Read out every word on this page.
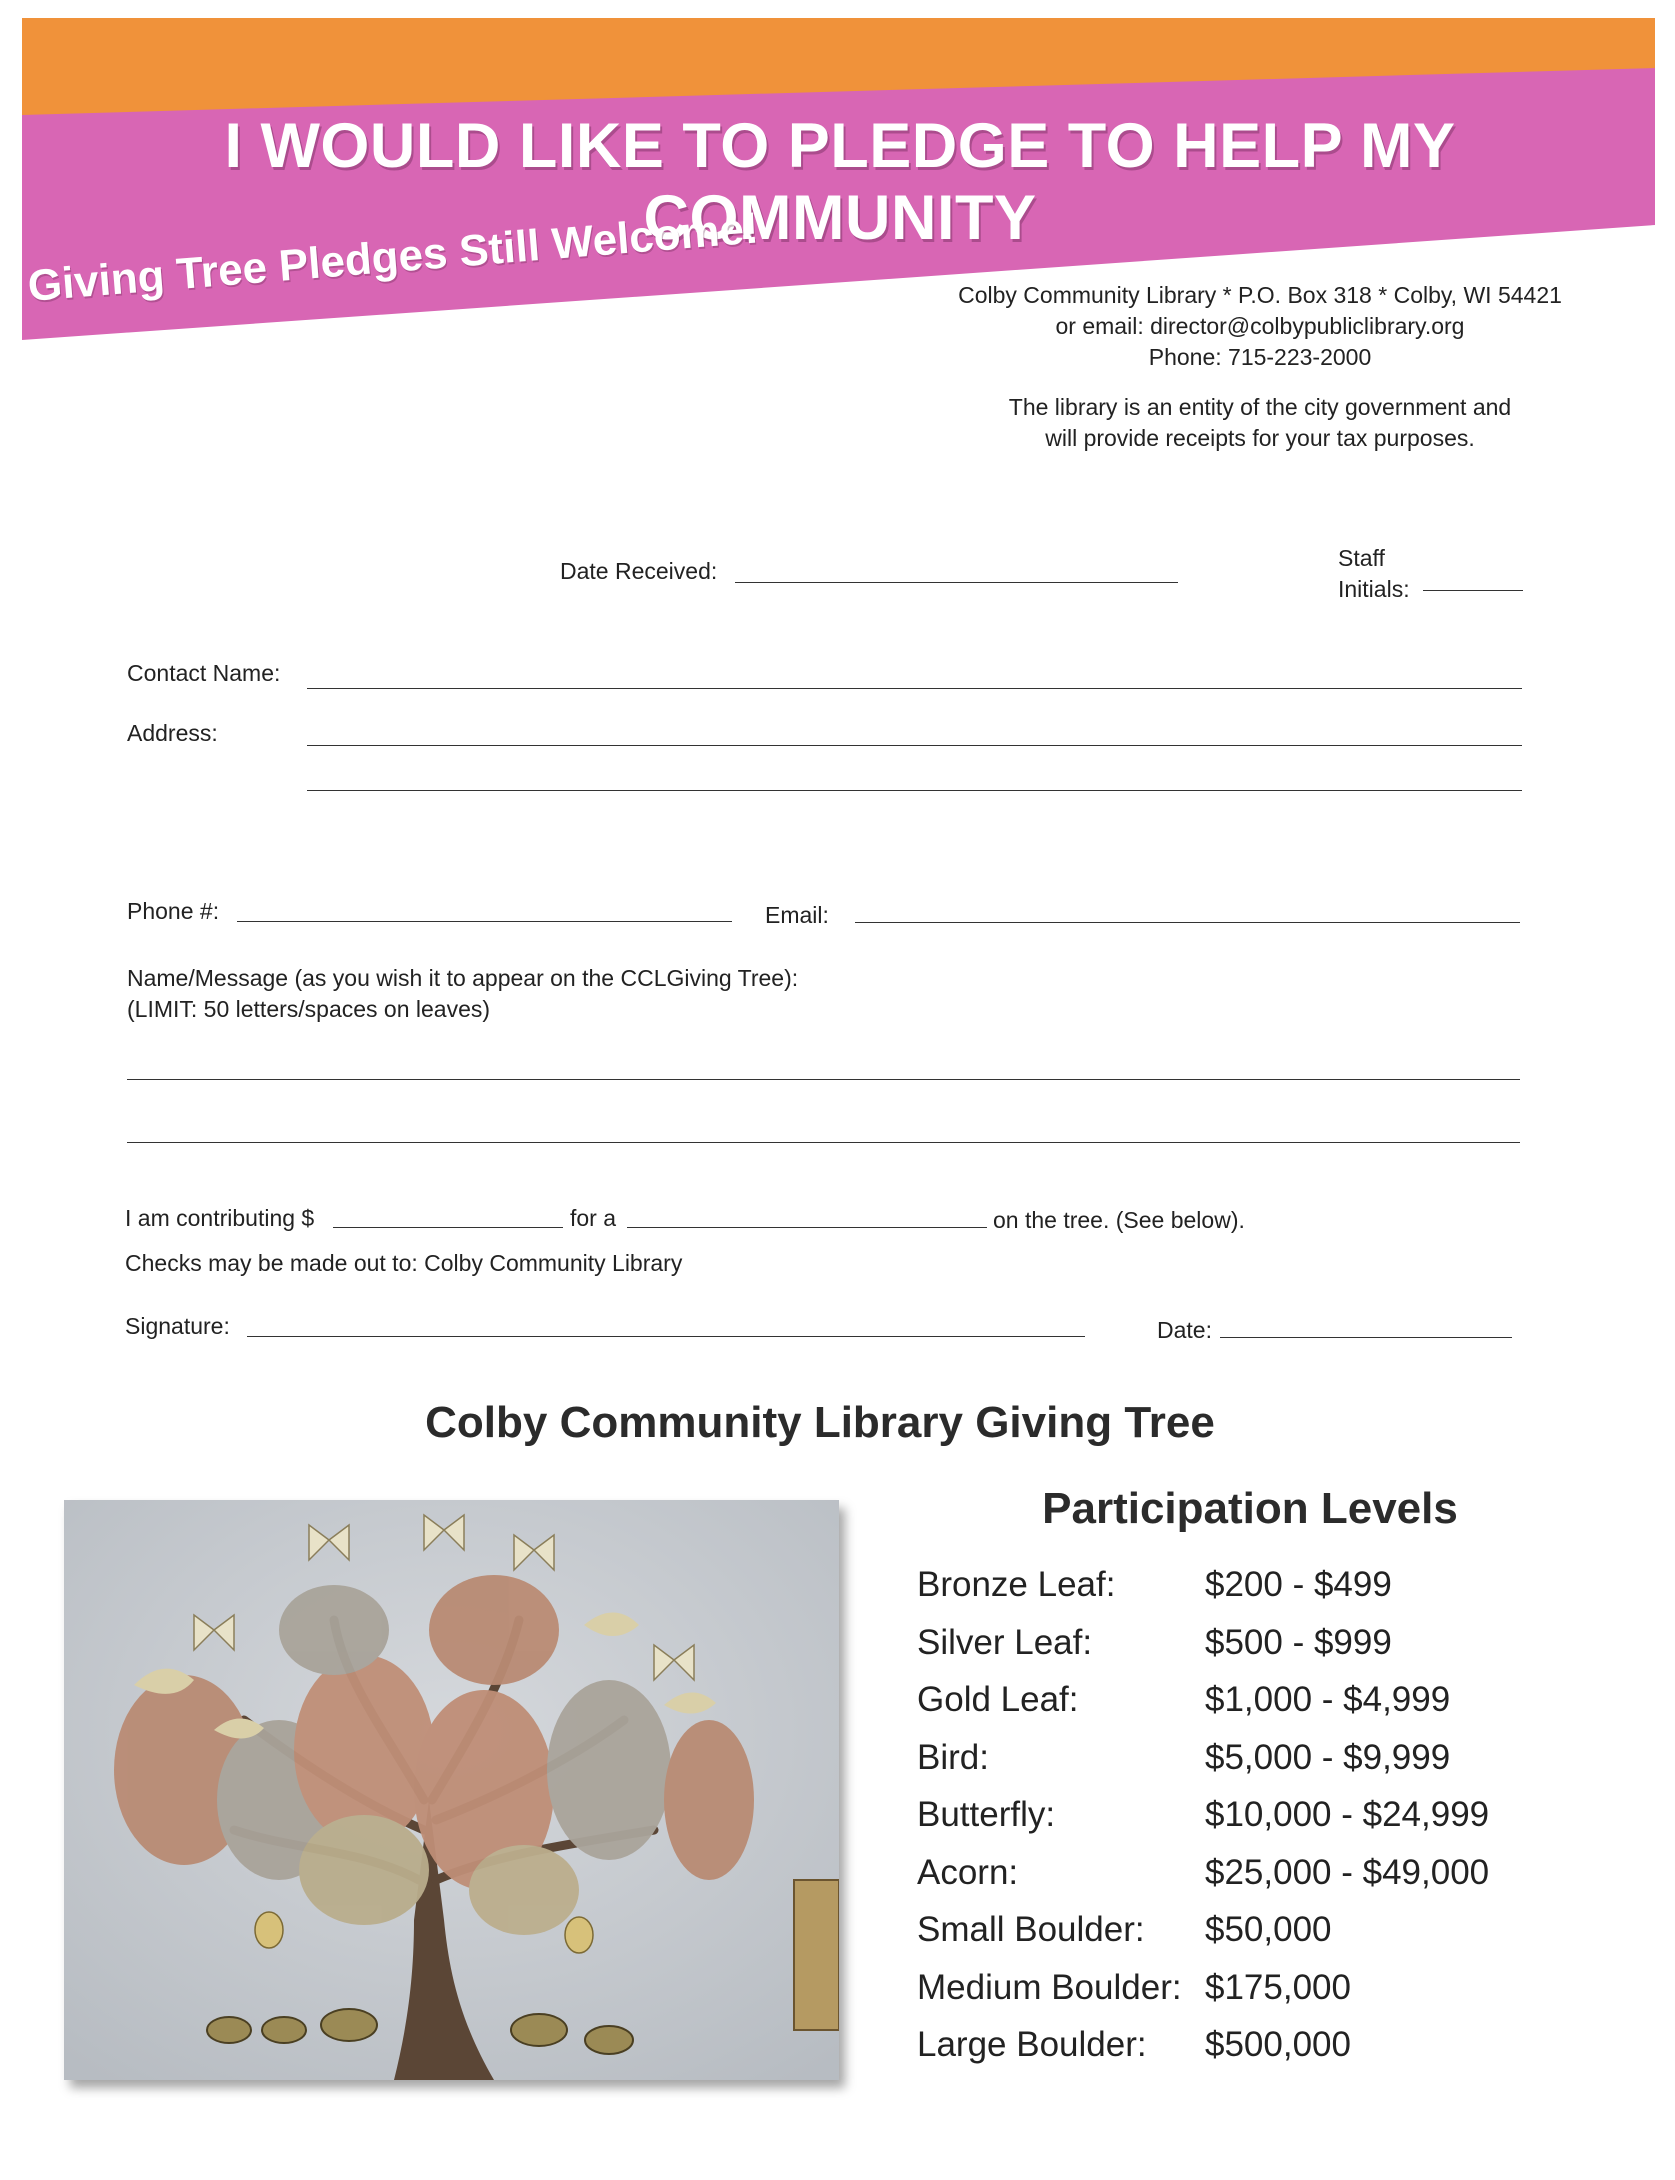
I WOULD LIKE TO PLEDGE TO HELP MY COMMUNITY
Giving Tree Pledges Still Welcome!	Colby Community Library * P.O. Box 318 * Colby, WI 54421
or email: director@colbypubliclibrary.org
Phone: 715-223-2000
The library is an entity of the city government and
will provide receipts for your tax purposes.
Date Received:	Staff
Initials:
Contact Name:
Address:
Phone #:	Email:
Name/Message (as you wish it to appear on the CCLGiving Tree):
(LIMIT: 50 letters/spaces on leaves)
I am contributing $	for a	on the tree. (See below).
Checks may be made out to: Colby Community Library
Signature:	Date:
Colby Community Library Giving Tree
Participation Levels
Bronze Leaf:	$200 - $499
Silver Leaf:	$500 - $999
Gold Leaf:	$1,000 - $4,999
Bird:	$5,000 - $9,999
Butterfly:	$10,000 - $24,999
Acorn:	$25,000 - $49,000
Small Boulder: $50,000
Medium Boulder: $175,000
Large Boulder: $500,000
